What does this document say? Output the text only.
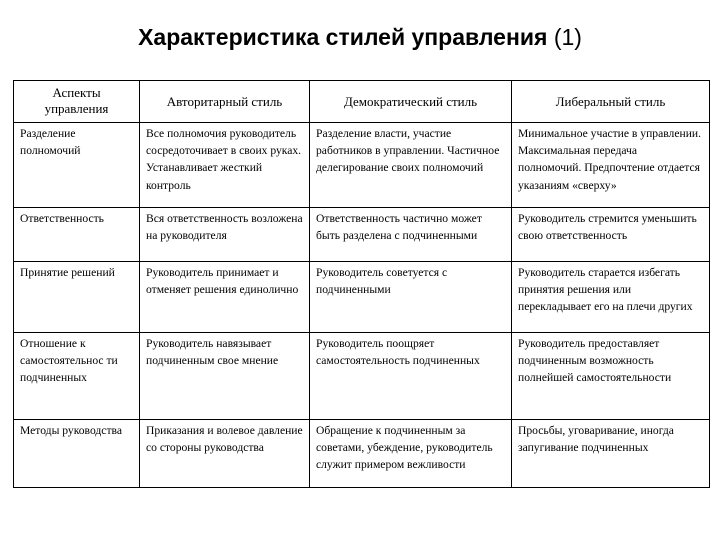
Характеристика стилей управления (1)
Аспекты управления	Авторитарный стиль	Демократический стиль	Либеральный стиль
Разделение полномочий	Все полномочия руководитель сосредоточивает в своих руках. Устанавливает жесткий контроль	Разделение власти, участие работников в управлении. Частичное делегирование своих полномочий	Минимальное участие в управлении. Максимальная передача полномочий. Предпочтение отдается указаниям «сверху»
Ответственность	Вся ответственность возложена на руководителя	Ответственность частично может быть разделена с подчиненными	Руководитель стремится уменьшить свою ответственность
Принятие решений	Руководитель принимает и отменяет решения единолично	Руководитель советуется с подчиненными	Руководитель старается избегать принятия решения или перекладывает его на плечи других
Отношение к самостоятельнос ти подчиненных	Руководитель навязывает подчиненным свое мнение	Руководитель поощряет самостоятельность подчиненных	Руководитель предоставляет подчиненным возможность полнейшей самостоятельности
Методы руководства	Приказания и волевое давление со стороны руководства	Обращение к подчиненным за советами, убеждение, руководитель служит примером вежливости	Просьбы, уговаривание, иногда запугивание подчиненных
